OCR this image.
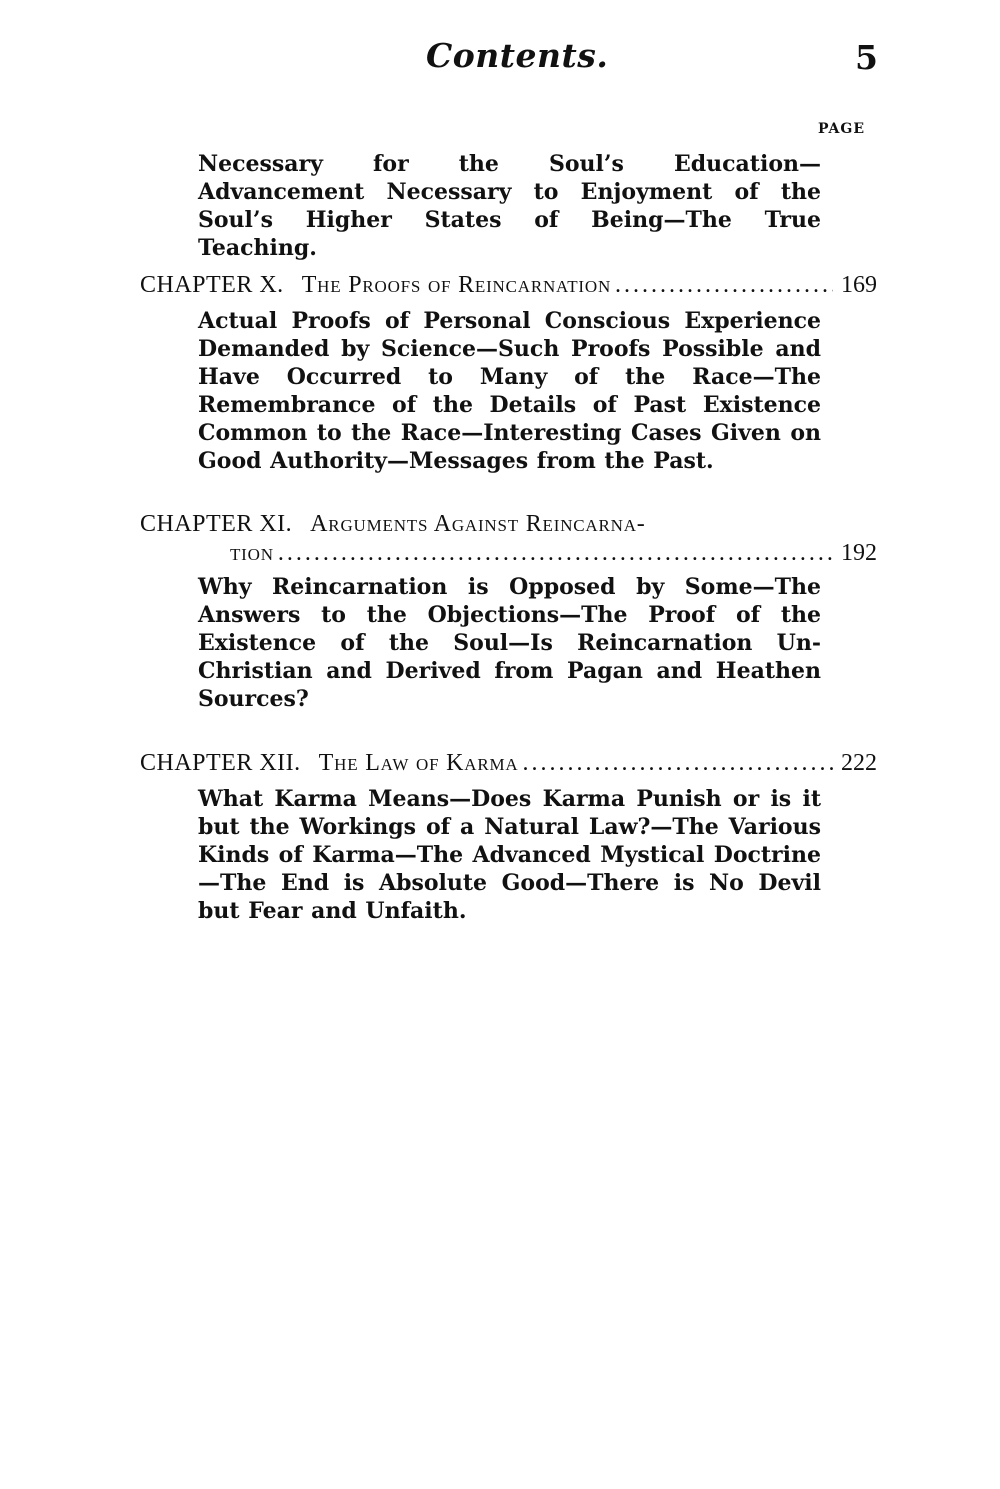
Contents.	5
PAGE
Necessary for the Soul’s Education—Advancement Necessary to Enjoyment of the Soul’s Higher States of Being—The True Teaching.
CHAPTER X. The Proofs of Reincarnation .....	169
Actual Proofs of Personal Conscious Experience Demanded by Science—Such Proofs Possible and Have Occurred to Many of the Race—The Remembrance of the Details of Past Existence Common to the Race—Interesting Cases Given on Good Authority—Messages from the Past.
CHAPTER XI. Arguments Against Reincarna-
tion .....	192
Why Reincarnation is Opposed by Some—The Answers to the Objections—The Proof of the Existence of the Soul—Is Reincarnation Un-Christian and Derived from Pagan and Heathen Sources?
CHAPTER XII. The Law of Karma .....	222
What Karma Means—Does Karma Punish or is it but the Workings of a Natural Law?—The Various Kinds of Karma—The Advanced Mystical Doctrine—The End is Absolute Good—There is No Devil but Fear and Unfaith.
